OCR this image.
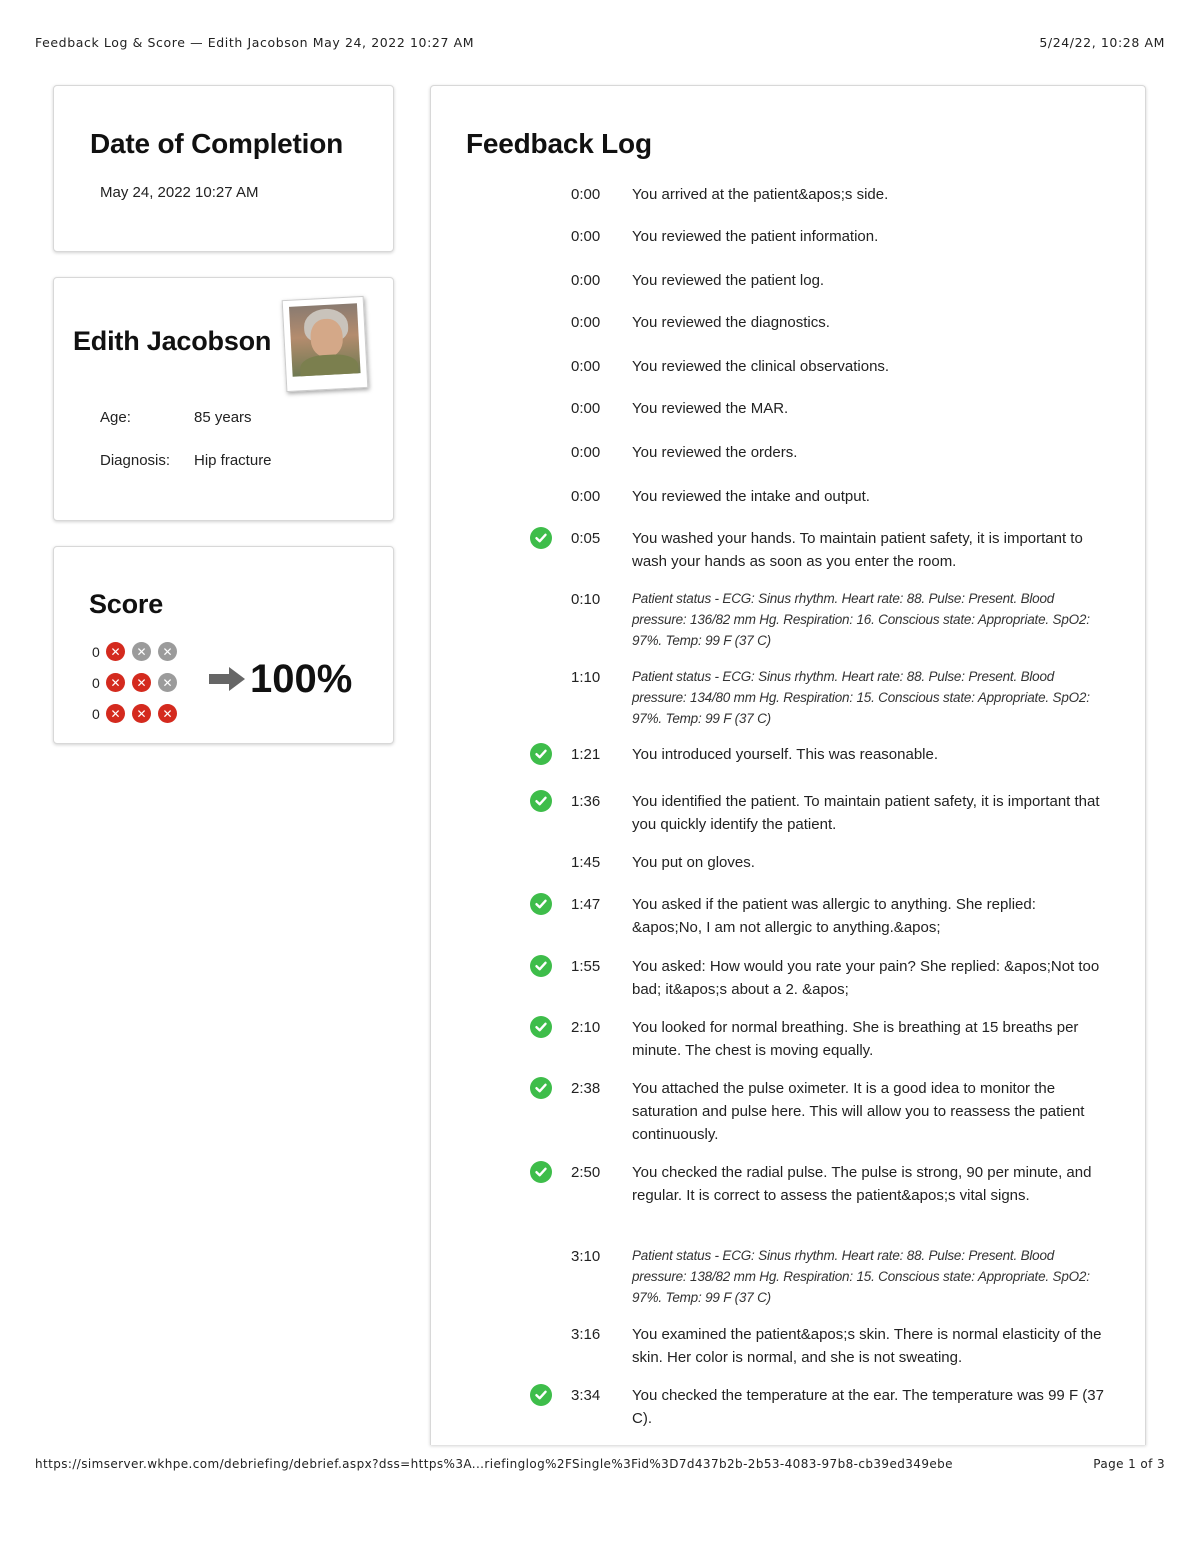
Feedback Log & Score — Edith Jacobson May 24, 2022 10:27 AM	5/24/22, 10:28 AM
Date of Completion
May 24, 2022 10:27 AM
Edith Jacobson
Age:	85 years
Diagnosis:	Hip fracture
Score
0 ✕	✕	✕
0 ✕	✕	✕
0 ✕	✕	✕
100%
Feedback Log
0:00	You arrived at the patient&apos;s side.
0:00	You reviewed the patient information.
0:00	You reviewed the patient log.
0:00	You reviewed the diagnostics.
0:00	You reviewed the clinical observations.
0:00	You reviewed the MAR.
0:00	You reviewed the orders.
0:00	You reviewed the intake and output.
0:05	You washed your hands. To maintain patient safety, it is important to wash your hands as soon as you enter the room.
0:10	Patient status - ECG: Sinus rhythm. Heart rate: 88. Pulse: Present. Blood pressure: 136/82 mm Hg. Respiration: 16. Conscious state: Appropriate. SpO2: 97%. Temp: 99 F (37 C)
1:10	Patient status - ECG: Sinus rhythm. Heart rate: 88. Pulse: Present. Blood pressure: 134/80 mm Hg. Respiration: 15. Conscious state: Appropriate. SpO2: 97%. Temp: 99 F (37 C)
1:21	You introduced yourself. This was reasonable.
1:36	You identified the patient. To maintain patient safety, it is important that you quickly identify the patient.
1:45	You put on gloves.
1:47	You asked if the patient was allergic to anything. She replied: &apos;No, I am not allergic to anything.&apos;
1:55	You asked: How would you rate your pain? She replied: &apos;Not too bad; it&apos;s about a 2. &apos;
2:10	You looked for normal breathing. She is breathing at 15 breaths per minute. The chest is moving equally.
2:38	You attached the pulse oximeter. It is a good idea to monitor the saturation and pulse here. This will allow you to reassess the patient continuously.
2:50	You checked the radial pulse. The pulse is strong, 90 per minute, and regular. It is correct to assess the patient&apos;s vital signs.
3:10	Patient status - ECG: Sinus rhythm. Heart rate: 88. Pulse: Present. Blood pressure: 138/82 mm Hg. Respiration: 15. Conscious state: Appropriate. SpO2: 97%. Temp: 99 F (37 C)
3:16	You examined the patient&apos;s skin. There is normal elasticity of the skin. Her color is normal, and she is not sweating.
3:34	You checked the temperature at the ear. The temperature was 99 F (37 C).
https://simserver.wkhpe.com/debriefing/debrief.aspx?dss=https%3A...riefinglog%2FSingle%3Fid%3D7d437b2b-2b53-4083-97b8-cb39ed349ebe	Page 1 of 3
